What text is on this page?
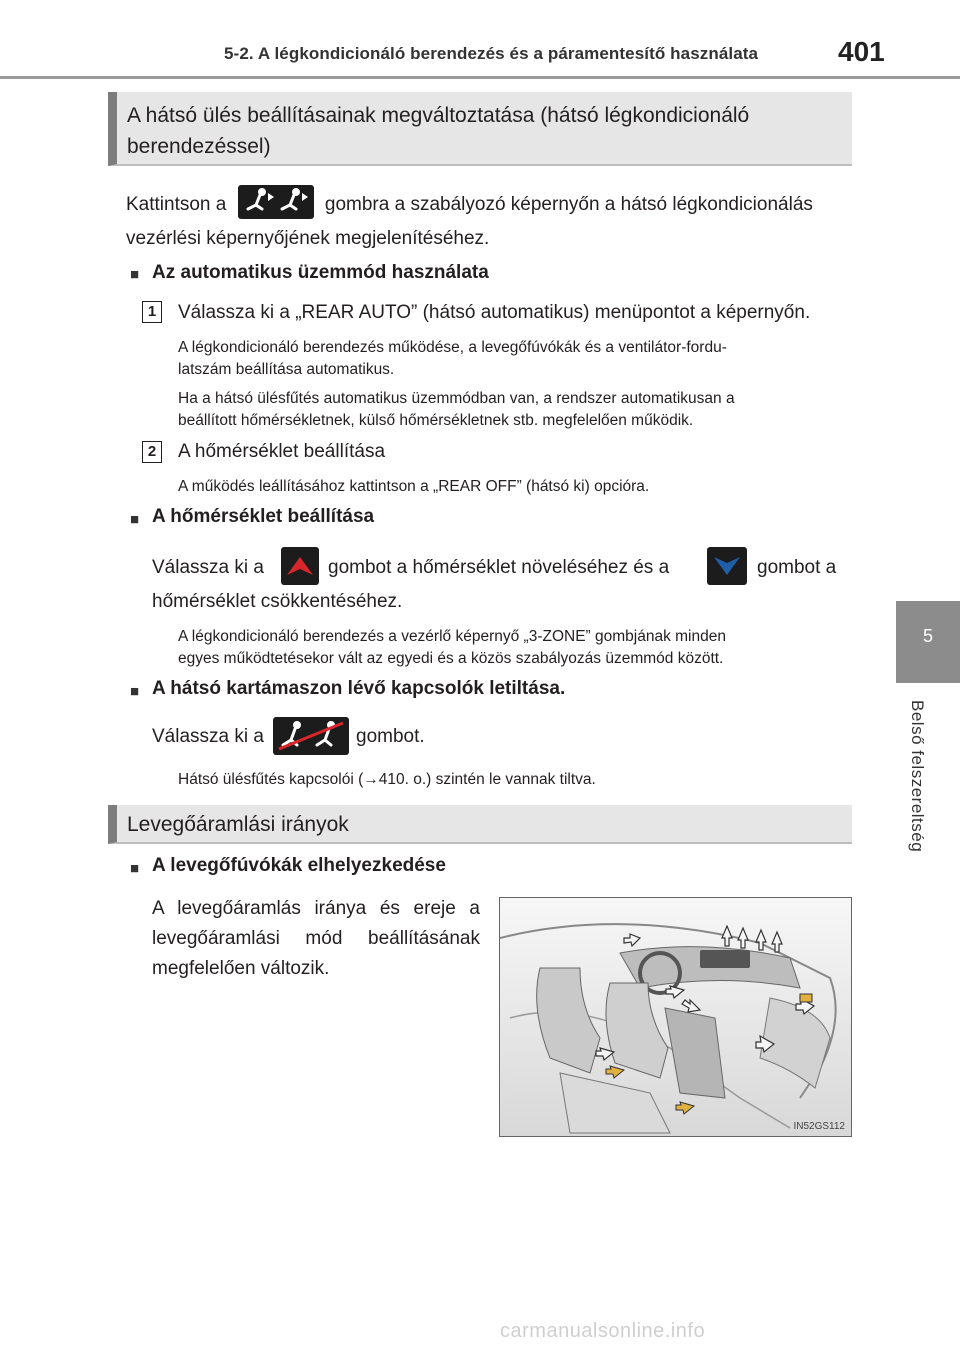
5-2. A légkondicionáló berendezés és a páramentesítő használata	401
5
Belső felszereltség
A hátsó ülés beállításainak megváltoztatása (hátsó légkondicionáló
berendezéssel)
Kattintson a	gombra a szabályozó képernyőn a hátsó légkondicionálás
vezérlési képernyőjének megjelenítéséhez.
■ Az automatikus üzemmód használata
1	Válassza ki a „REAR AUTO” (hátsó automatikus) menüpontot a képernyőn.
A légkondicionáló berendezés működése, a levegőfúvókák és a ventilátor-fordu-
latszám beállítása automatikus.
Ha a hátsó ülésfűtés automatikus üzemmódban van, a rendszer automatikusan a
beállított hőmérsékletnek, külső hőmérsékletnek stb. megfelelően működik.
2	A hőmérséklet beállítása
A működés leállításához kattintson a „REAR OFF” (hátsó ki) opcióra.
■ A hőmérséklet beállítása
Válassza ki a	gombot a hőmérséklet növeléséhez és a	gombot a
hőmérséklet csökkentéséhez.
A légkondicionáló berendezés a vezérlő képernyő „3-ZONE” gombjának minden
egyes működtetésekor vált az egyedi és a közös szabályozás üzemmód között.
■ A hátsó kartámaszon lévő kapcsolók letiltása.
Válassza ki a	gombot.
Hátsó ülésfűtés kapcsolói (→410. o.) szintén le vannak tiltva.
Levegőáramlási irányok
■ A levegőfúvókák elhelyezkedése
A levegőáramlás iránya és ereje a
levegőáramlási mód beállításának
megfelelően változik.
IN52GS112
carmanualsonline.info
